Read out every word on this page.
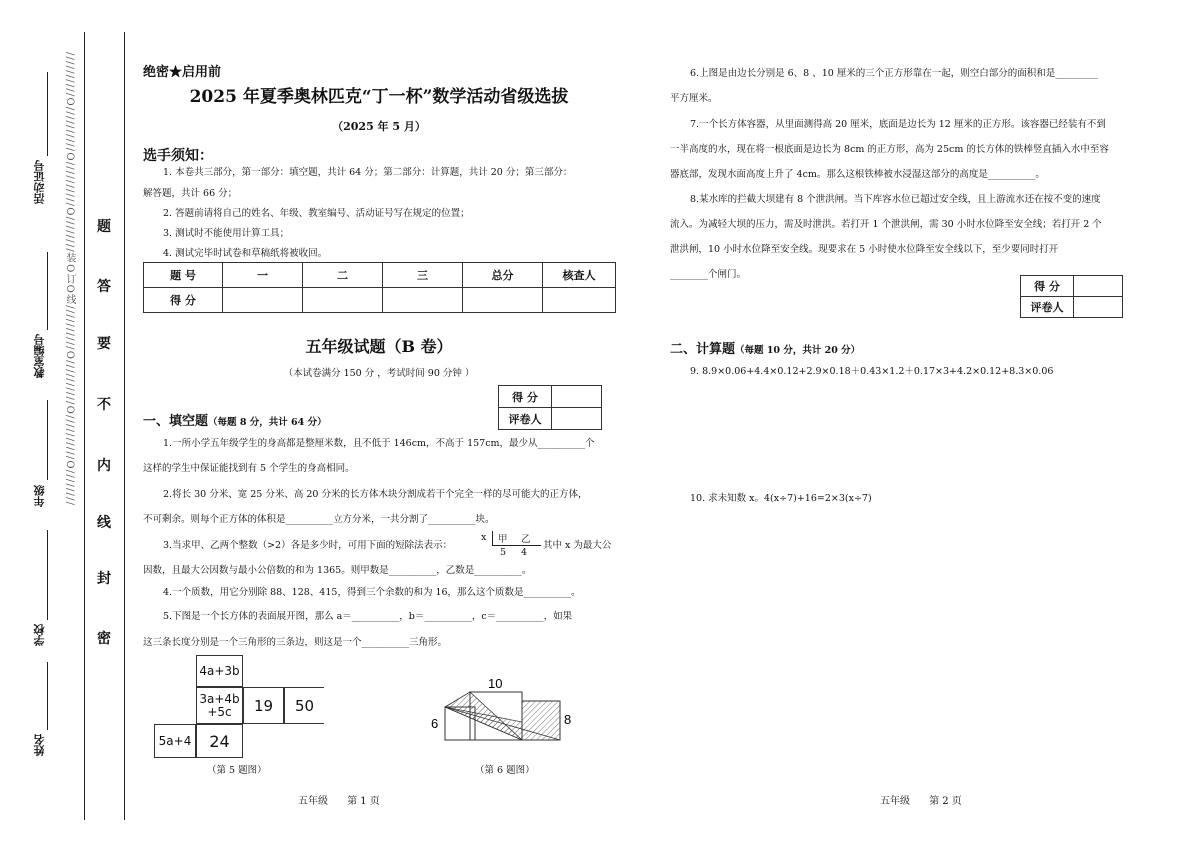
/ / / / / / / / / / O / / / / / / / / / / O / / / / / / / / / / O / / / / / / / / 装 O 订 O 线 / / / / / / / / / / O / / / / / / / / / / O / / / / / / / / / / O / / / / / / / /
姓名
学校
年级
教室编号
活动证号
密
封
线
内
不
要
答
题
绝密★启用前
2025 年夏季奥林匹克“丁一杯”数学活动省级选拔
（2025 年 5 月）
选手须知：
1. 本卷共三部分，第一部分：填空题，共计 64 分；第二部分：计算题，共计 20 分；第三部分：
解答题，共计 66 分；
2. 答题前请将自己的姓名、年级、教室编号、活动证号写在规定的位置；
3. 测试时不能使用计算工具；
4. 测试完毕时试卷和草稿纸将被收回。
题 号	一	二	三	总分	核查人
得 分					
五年级试题（B 卷）
（本试卷满分 150 分 ，考试时间 90 分钟 ）
得 分	
评卷人	
一、填空题（每题 8 分，共计 64 分）
1.一所小学五年级学生的身高都是整厘米数，且不低于 146cm，不高于 157cm，最少从__________个
这样的学生中保证能找到有 5 个学生的身高相同。
2.将长 30 分米、宽 25 分米、高 20 分米的长方体木块分割成若干个完全一样的尽可能大的正方体，
不可剩余。则每个正方体的体积是__________立方分米，一共分割了__________块。
3.当求甲、乙两个整数（>2）各是多少时，可用下面的短除法表示：
x 甲 乙
5 4
其中 x 为最大公
因数，且最大公因数与最小公倍数的和为 1365。则甲数是__________，乙数是__________。
4.一个质数，用它分别除 88、128、415，得到三个余数的和为 16，那么这个质数是__________。
5.下图是一个长方体的表面展开图，那么 a＝__________，b＝__________，c＝__________，如果
这三条长度分别是一个三角形的三条边，则这是一个__________三角形。
4a+3b
3a+4b
+5c 19 50
5a+4 24
（第 5 题图）
10
6	8
（第 6 题图）
五年级      第 1 页
6.上图是由边长分别是 6、8 、10 厘米的三个正方形靠在一起，则空白部分的面积和是_________
平方厘米。
7.一个长方体容器，从里面测得高 20 厘米，底面是边长为 12 厘米的正方形。该容器已经装有不到
一半高度的水，现在将一根底面是边长为 8cm 的正方形，高为 25cm 的长方体的铁棒竖直插入水中至容
器底部，发现水面高度上升了 4cm。那么这根铁棒被水浸湿这部分的高度是__________。
8.某水库的拦截大坝建有 8 个泄洪闸。当下库容水位已超过安全线，且上游流水还在按不变的速度
流入。为减轻大坝的压力，需及时泄洪。若打开 1 个泄洪闸，需 30 小时水位降至安全线；若打开 2 个
泄洪闸，10 小时水位降至安全线。现要求在 5 小时使水位降至安全线以下，至少要同时打开
________个闸门。
得 分	
评卷人	
二、计算题（每题 10 分，共计 20 分）
9. 8.9×0.06+4.4×0.12+2.9×0.18＋0.43×1.2＋0.17×3+4.2×0.12+8.3×0.06
10. 求未知数 x。4(x÷7)+16=2×3(x÷7)
五年级      第 2 页
